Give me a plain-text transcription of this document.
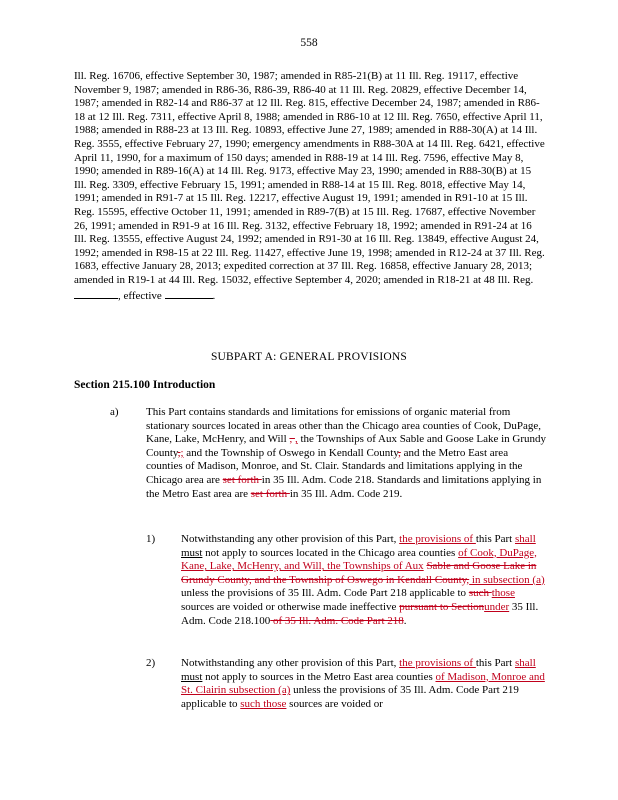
558
Ill. Reg. 16706, effective September 30, 1987; amended in R85-21(B) at 11 Ill. Reg. 19117, effective November 9, 1987; amended in R86-36, R86-39, R86-40 at 11 Ill. Reg. 20829, effective December 14, 1987; amended in R82-14 and R86-37 at 12 Ill. Reg. 815, effective December 24, 1987; amended in R86-18 at 12 Ill. Reg. 7311, effective April 8, 1988; amended in R86-10 at 12 Ill. Reg. 7650, effective April 11, 1988; amended in R88-23 at 13 Ill. Reg. 10893, effective June 27, 1989; amended in R88-30(A) at 14 Ill. Reg. 3555, effective February 27, 1990; emergency amendments in R88-30A at 14 Ill. Reg. 6421, effective April 11, 1990, for a maximum of 150 days; amended in R88-19 at 14 Ill. Reg. 7596, effective May 8, 1990; amended in R89-16(A) at 14 Ill. Reg. 9173, effective May 23, 1990; amended in R88-30(B) at 15 Ill. Reg. 3309, effective February 15, 1991; amended in R88-14 at 15 Ill. Reg. 8018, effective May 14, 1991; amended in R91-7 at 15 Ill. Reg. 12217, effective August 19, 1991; amended in R91-10 at 15 Ill. Reg. 15595, effective October 11, 1991; amended in R89-7(B) at 15 Ill. Reg. 17687, effective November 26, 1991; amended in R91-9 at 16 Ill. Reg. 3132, effective February 18, 1992; amended in R91-24 at 16 Ill. Reg. 13555, effective August 24, 1992; amended in R91-30 at 16 Ill. Reg. 13849, effective August 24, 1992; amended in R98-15 at 22 Ill. Reg. 11427, effective June 19, 1998; amended in R12-24 at 37 Ill. Reg. 1683, effective January 28, 2013; expedited correction at 37 Ill. Reg. 16858, effective January 28, 2013; amended in R19-1 at 44 Ill. Reg. 15032, effective September 4, 2020; amended in R18-21 at 48 Ill. Reg. , effective	.
SUBPART A: GENERAL PROVISIONS
Section 215.100 Introduction
a) This Part contains standards and limitations for emissions of organic material from stationary sources located in areas other than the Chicago area counties of Cook, DuPage, Kane, Lake, McHenry, and Will , , the Townships of Aux Sable and Goose Lake in Grundy County,; and the Township of Oswego in Kendall County, and the Metro East area counties of Madison, Monroe, and St. Clair. Standards and limitations applying in the Chicago area are set forth in 35 Ill. Adm. Code 218. Standards and limitations applying in the Metro East area are set forth in 35 Ill. Adm. Code 219.
1) Notwithstanding any other provision of this Part, the provisions of this Part shall must not apply to sources located in the Chicago area counties of Cook, DuPage, Kane, Lake, McHenry, and Will, the Townships of Aux Sable and Goose Lake in Grundy County, and the Township of Oswego in Kendall County, in subsection (a) unless the provisions of 35 Ill. Adm. Code Part 218 applicable to such those sources are voided or otherwise made ineffective pursuant to Sectionunder 35 Ill. Adm. Code 218.100 of 35 Ill. Adm. Code Part 218.
2) Notwithstanding any other provision of this Part, the provisions of this Part shall must not apply to sources in the Metro East area counties of Madison, Monroe and St. Clairin subsection (a) unless the provisions of 35 Ill. Adm. Code Part 219 applicable to such those sources are voided or
